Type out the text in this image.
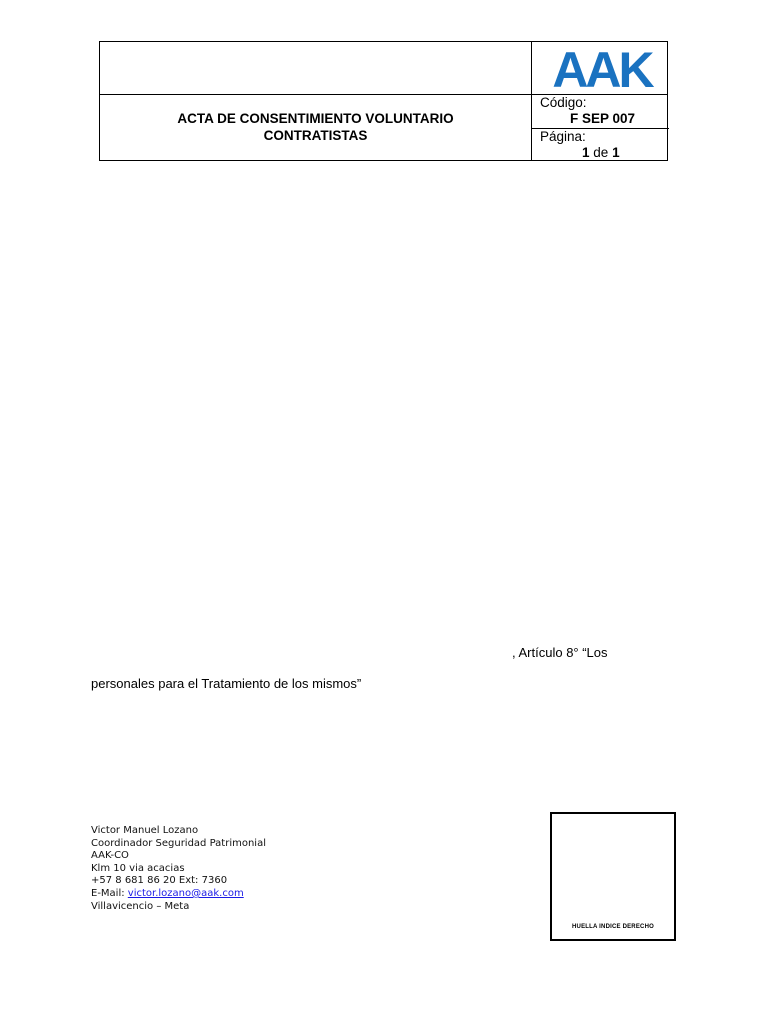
ACTA DE CONSENTIMIENTO VOLUNTARIO
CONTRATISTAS
AAK
Código:
F SEP 007
Página:
1 de 1
, Artículo 8° “Los
personales para el Tratamiento de los mismos”
Victor Manuel Lozano
Coordinador Seguridad Patrimonial
AAK-CO
Klm 10 via acacias
+57 8 681 86 20 Ext: 7360
E-Mail: victor.lozano@aak.com
Villavicencio – Meta
HUELLA INDICE DERECHO
